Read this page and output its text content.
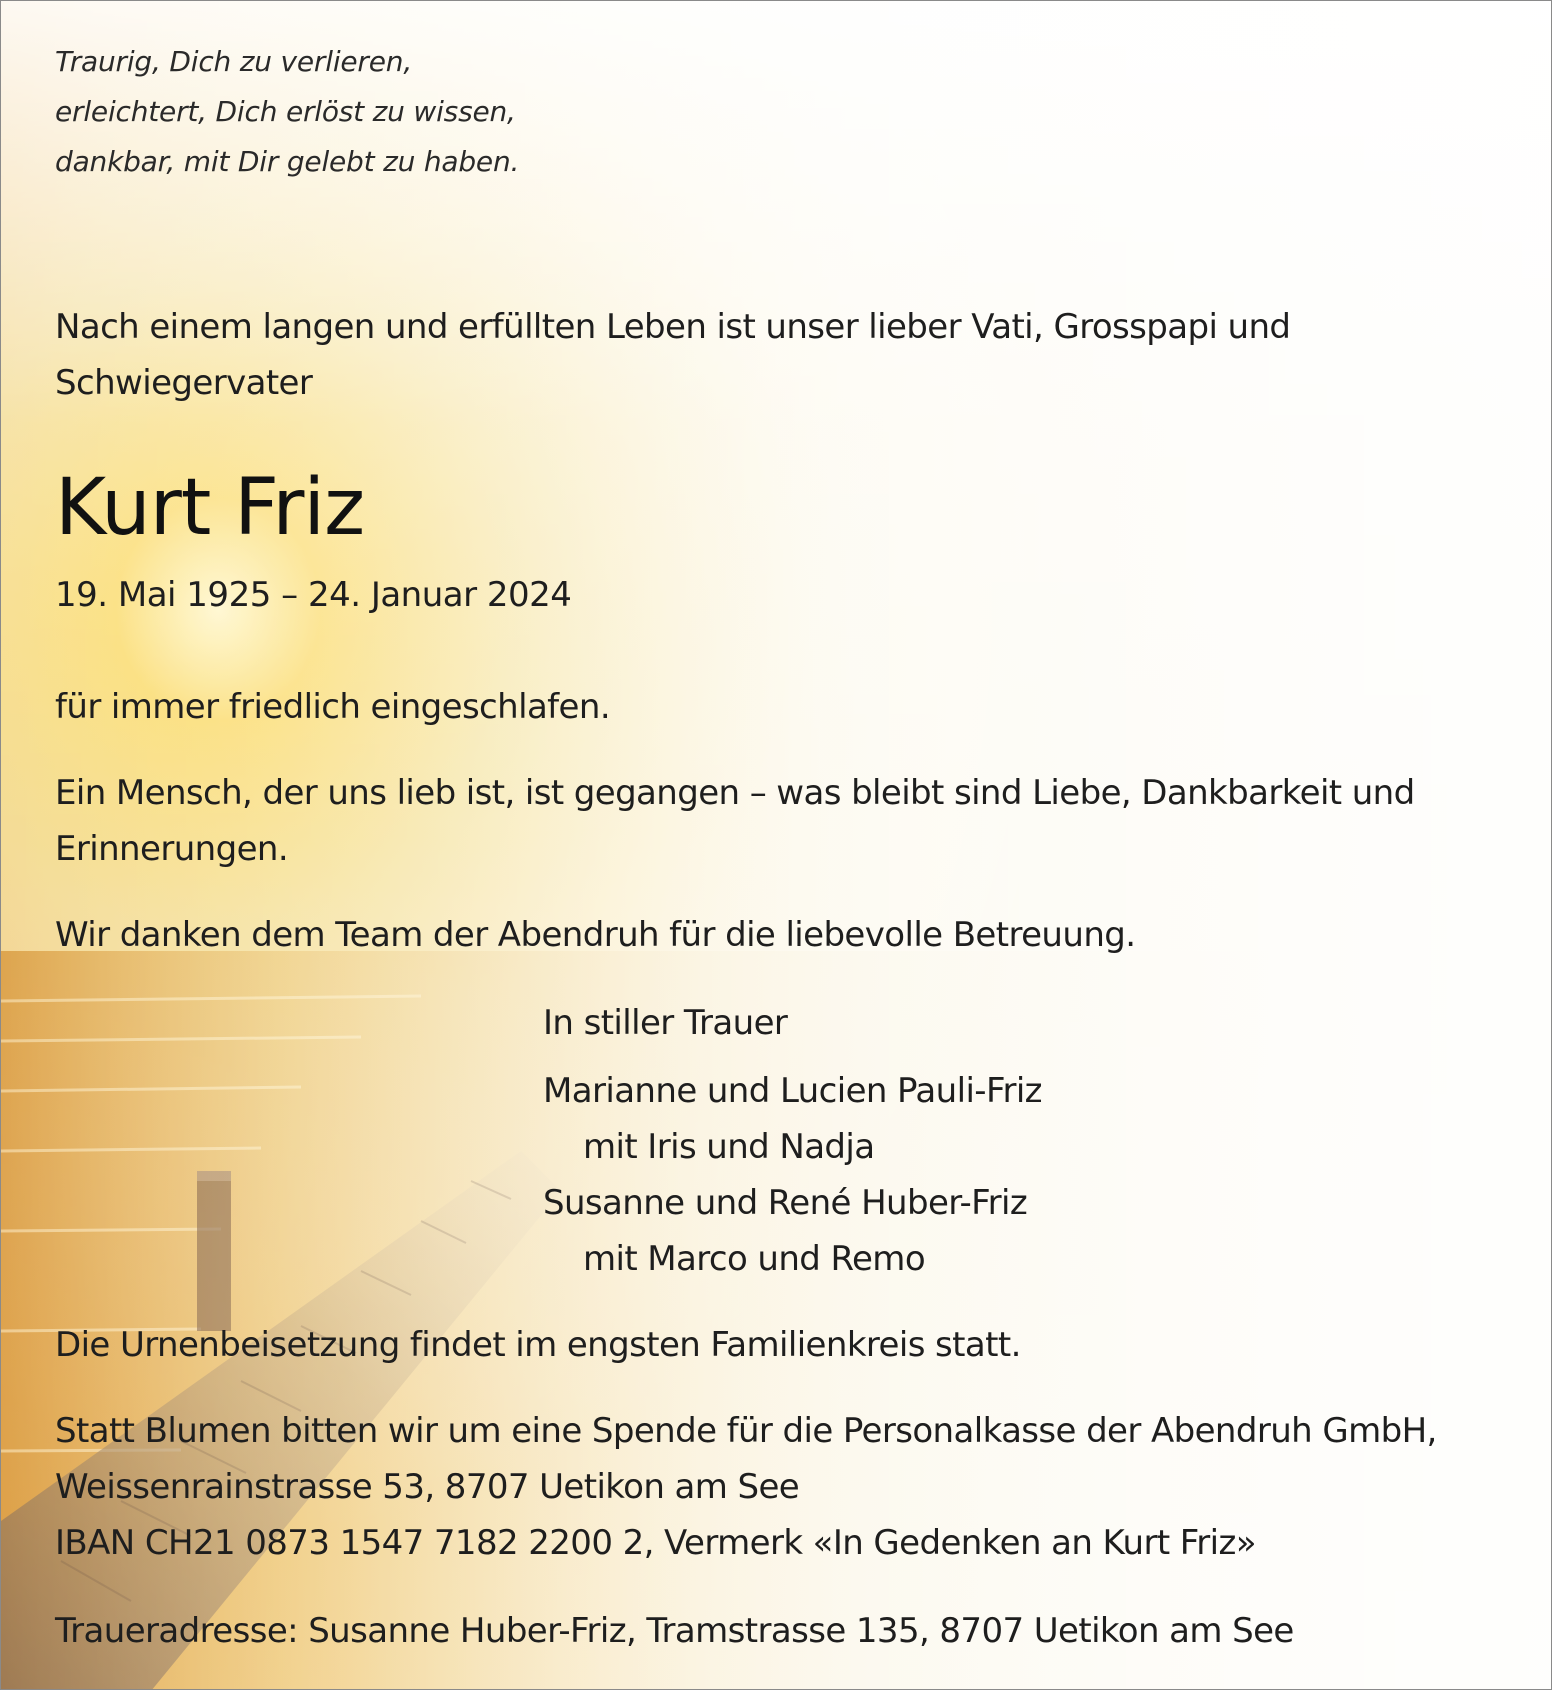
Traurig, Dich zu verlieren,
erleichtert, Dich erlöst zu wissen,
dankbar, mit Dir gelebt zu haben.
Nach einem langen und erfüllten Leben ist unser lieber Vati, Grosspapi und
Schwiegervater
Kurt Friz
19. Mai 1925 – 24. Januar 2024
für immer friedlich eingeschlafen.
Ein Mensch, der uns lieb ist, ist gegangen – was bleibt sind Liebe, Dankbarkeit und
Erinnerungen.
Wir danken dem Team der Abendruh für die liebevolle Betreuung.
In stiller Trauer
Marianne und Lucien Pauli-Friz
mit Iris und Nadja
Susanne und René Huber-Friz
mit Marco und Remo
Die Urnenbeisetzung findet im engsten Familienkreis statt.
Statt Blumen bitten wir um eine Spende für die Personalkasse der Abendruh GmbH,
Weissenrainstrasse 53, 8707 Uetikon am See
IBAN CH21 0873 1547 7182 2200 2, Vermerk «In Gedenken an Kurt Friz»
Traueradresse: Susanne Huber-Friz, Tramstrasse 135, 8707 Uetikon am See
